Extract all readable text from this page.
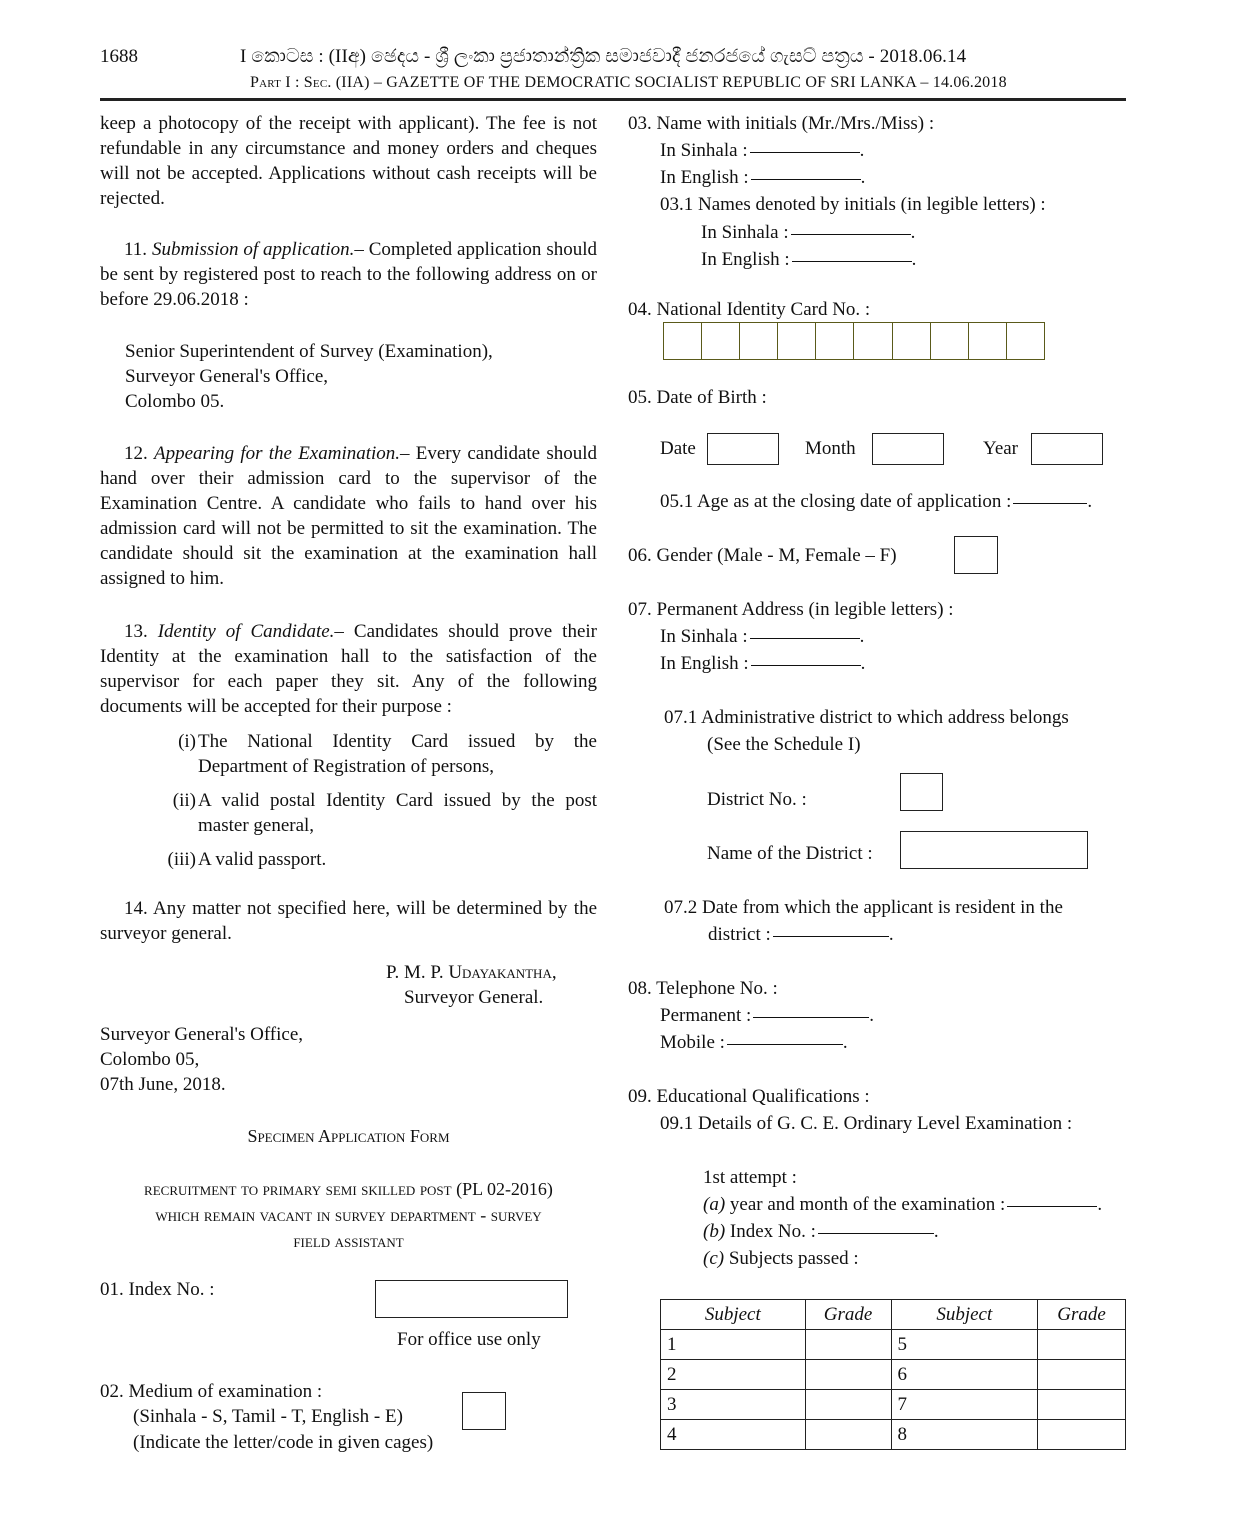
1688	I කොටස : (IIඅ) ඡෙදය - ශ්‍රී ලංකා ප්‍රජාතාන්ත්‍රික සමාජවාදී ජනරජයේ ගැසට් පත්‍රය - 2018.06.14
Part I : Sec. (IIA) – GAZETTE OF THE DEMOCRATIC SOCIALIST REPUBLIC OF SRI LANKA – 14.06.2018
keep a photocopy of the receipt with applicant). The fee is not refundable in any circumstance and money orders and cheques will not be accepted. Applications without cash receipts will be rejected.
11. Submission of application.– Completed application should be sent by registered post to reach to the following address on or before 29.06.2018 :
Senior Superintendent of Survey (Examination),
Surveyor General's Office,
Colombo 05.
12. Appearing for the Examination.– Every candidate should hand over their admission card to the supervisor of the Examination Centre. A candidate who fails to hand over his admission card will not be permitted to sit the examination. The candidate should sit the examination at the examination hall assigned to him.
13. Identity of Candidate.– Candidates should prove their Identity at the examination hall to the satisfaction of the supervisor for each paper they sit. Any of the following documents will be accepted for their purpose :
(i) The National Identity Card issued by the Department of Registration of persons,
(ii) A valid postal Identity Card issued by the post master general,
(iii) A valid passport.
14. Any matter not specified here, will be determined by the surveyor general.
P. M. P. Udayakantha,
Surveyor General.
Surveyor General's Office,
Colombo 05,
07th June, 2018.
Specimen Application Form
recruitment to primary semi skilled post (PL 02-2016)
which remain vacant in survey department - survey
field assistant
01. Index No. :
For office use only
02. Medium of examination :
(Sinhala - S, Tamil - T, English - E)
(Indicate the letter/code in given cages)
03. Name with initials (Mr./Mrs./Miss) :
In Sinhala :	.
In English :	.
03.1 Names denoted by initials (in legible letters) :
In Sinhala :	.
In English :	.
04. National Identity Card No. :
05. Date of Birth :
Date	Month	Year
05.1 Age as at the closing date of application :	.
06. Gender (Male - M, Female – F)
07. Permanent Address (in legible letters) :
In Sinhala :	.
In English :	.
07.1 Administrative district to which address belongs
(See the Schedule I)
District No. :
Name of the District :
07.2 Date from which the applicant is resident in the
district :	.
08. Telephone No. :
Permanent :	.
Mobile :	.
09. Educational Qualifications :
09.1 Details of G. C. E. Ordinary Level Examination :
1st attempt :
(a) year and month of the examination :	.
(b) Index No. :	.
(c) Subjects passed :
Subject	Grade	Subject	Grade
1		5	
2		6	
3		7	
4		8	
